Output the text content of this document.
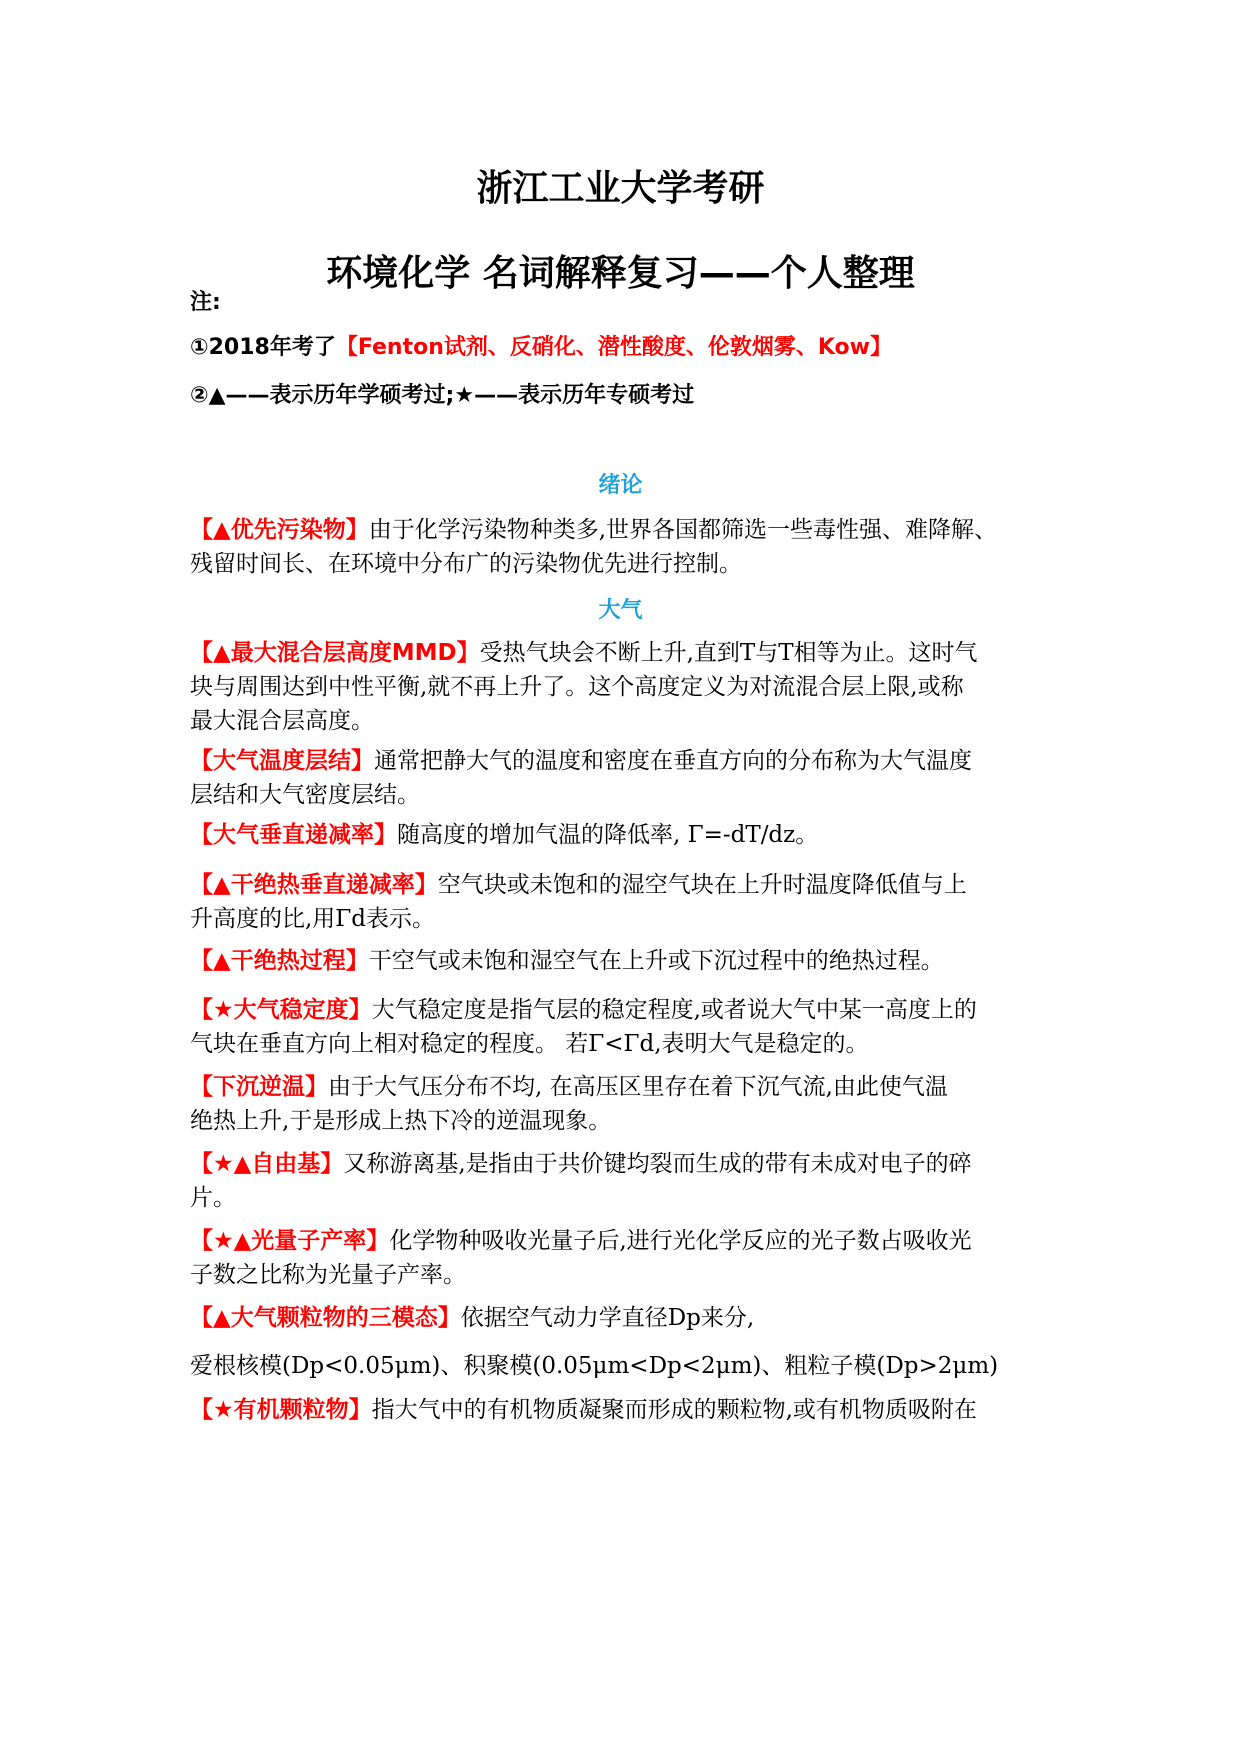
浙江工业大学考研
环境化学 名词解释复习——个人整理
注:
①2018年考了【Fenton试剂、反硝化、潜性酸度、伦敦烟雾、Kow】
②▲——表示历年学硕考过;★——表示历年专硕考过
绪论
【▲优先污染物】由于化学污染物种类多,世界各国都筛选一些毒性强、难降解、
残留时间长、在环境中分布广的污染物优先进行控制。
大气
【▲最大混合层高度MMD】受热气块会不断上升,直到T与T相等为止。这时气
块与周围达到中性平衡,就不再上升了。这个高度定义为对流混合层上限,或称
最大混合层高度。
【大气温度层结】通常把静大气的温度和密度在垂直方向的分布称为大气温度
层结和大气密度层结。
【大气垂直递减率】随高度的增加气温的降低率, Γ=-dT/dz。
【▲干绝热垂直递减率】空气块或未饱和的湿空气块在上升时温度降低值与上
升高度的比,用Γd表示。
【▲干绝热过程】干空气或未饱和湿空气在上升或下沉过程中的绝热过程。
【★大气稳定度】大气稳定度是指气层的稳定程度,或者说大气中某一高度上的
气块在垂直方向上相对稳定的程度。 若Γ<Γd,表明大气是稳定的。
【下沉逆温】由于大气压分布不均, 在高压区里存在着下沉气流,由此使气温
绝热上升,于是形成上热下冷的逆温现象。
【★▲自由基】又称游离基,是指由于共价键均裂而生成的带有未成对电子的碎
片。
【★▲光量子产率】化学物种吸收光量子后,进行光化学反应的光子数占吸收光
子数之比称为光量子产率。
【▲大气颗粒物的三模态】依据空气动力学直径Dp来分,
爱根核模(Dp<0.05μm)、积聚模(0.05μm<Dp<2μm)、粗粒子模(Dp>2μm)
【★有机颗粒物】指大气中的有机物质凝聚而形成的颗粒物,或有机物质吸附在
